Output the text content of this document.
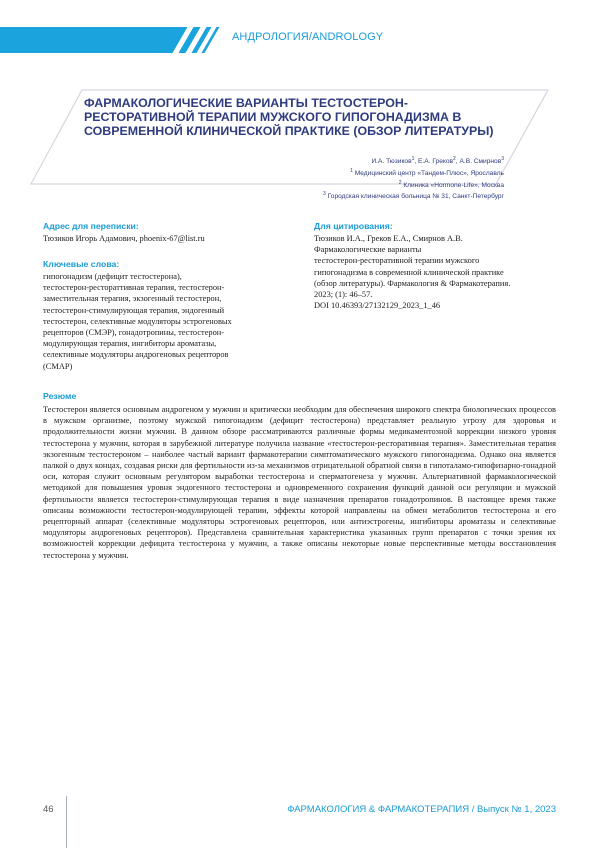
АНДРОЛОГИЯ/ANDROLOGY
ФАРМАКОЛОГИЧЕСКИЕ ВАРИАНТЫ ТЕСТОСТЕРОН-РЕСТОРАТИВНОЙ ТЕРАПИИ МУЖСКОГО ГИПОГОНАДИЗМА В СОВРЕМЕННОЙ КЛИНИЧЕСКОЙ ПРАКТИКЕ (ОБЗОР ЛИТЕРАТУРЫ)

И.А. Тюзиков$^1$, Е.А. Греков$^2$, А.В. Смирнов$^3$

$^1$ Медицинский центр «Тандем-Плюс», Ярославль

$^2$ Клиника «Hormone-Life», Москва

$^3$ Городская клиническая больница № 31, Санкт-Петербург

Адрес для переписки:
Тюзиков Игорь Адамович, phoenix-67@list.ru
Ключевые слова:

гипогонадизм (дефицит тестостерона),

тестостерон-рестораттивная терапия, тестостерон-

заместительная терапия, экзогенный тестостерон,

тестостерон-стимулирующая терапия, эндогенный

тестостерон, селективные модуляторы эстрогеновых

рецепторов (СМЭР), гонадотропины, тестостерон-

модулирующая терапия, ингибиторы ароматазы,

селективные модуляторы андрогеновых рецепторов

(СМАР)

Для цитирования:

Тюзиков И.А., Греков Е.А., Смирнов А.В.

Фармакологические варианты

тестостерон-ресторативной терапии мужского

гипогонадизма в современной клинической практике

(обзор литературы). Фармакология & Фармакотерапия.

2023; (1): 46–57.

DOI 10.46393/27132129_2023_1_46

Резюме
Тестостерон является основным андрогеном у мужчин и критически необходим для обеспечения широкого спектра биологических процессов в мужском организме, поэтому мужской гипогонадизм (дефицит тестостерона) представляет реальную угрозу для здоровья и продолжительности жизни мужчин. В данном обзоре рассматриваются различные формы медикаментозной коррекции низкого уровня тестостерона у мужчин, которая в зарубежной литературе получила название «тестостерон-ресторативная терапия». Заместительная терапия экзогенным тестостероном – наиболее частый вариант фармакотерапии симптоматического мужского гипогонадизма. Однако она является палкой о двух концах, создавая риски для фертильности из-за механизмов отрицательной обратной связи в гипоталамо-гипофизарно-гонадной оси, которая служит основным регулятором выработки тестостерона и сперматогенеза у мужчин. Альтернативной фармакологической методикой для повышения уровня эндогенного тестостерона и одновременного сохранения функций данной оси регуляции и мужской фертильности является тестостерон-стимулирующая терапия в виде назначения препаратов гонадотропинов. В настоящее время также описаны возможности тестостерон-модулирующей терапии, эффекты которой направлены на обмен метаболитов тестостерона и его рецепторный аппарат (селективные модуляторы эстрогеновых рецепторов, или антиэстрогены, ингибиторы ароматазы и селективные модуляторы андрогеновых рецепторов). Представлена сравнительная характеристика указанных групп препаратов с точки зрения их возможностей коррекции дефицита тестостерона у мужчин, а также описаны некоторые новые перспективные методы восстановления тестостерона у мужчин.
46	ФАРМАКОЛОГИЯ & ФАРМАКОТЕРАПИЯ / Выпуск № 1, 2023
